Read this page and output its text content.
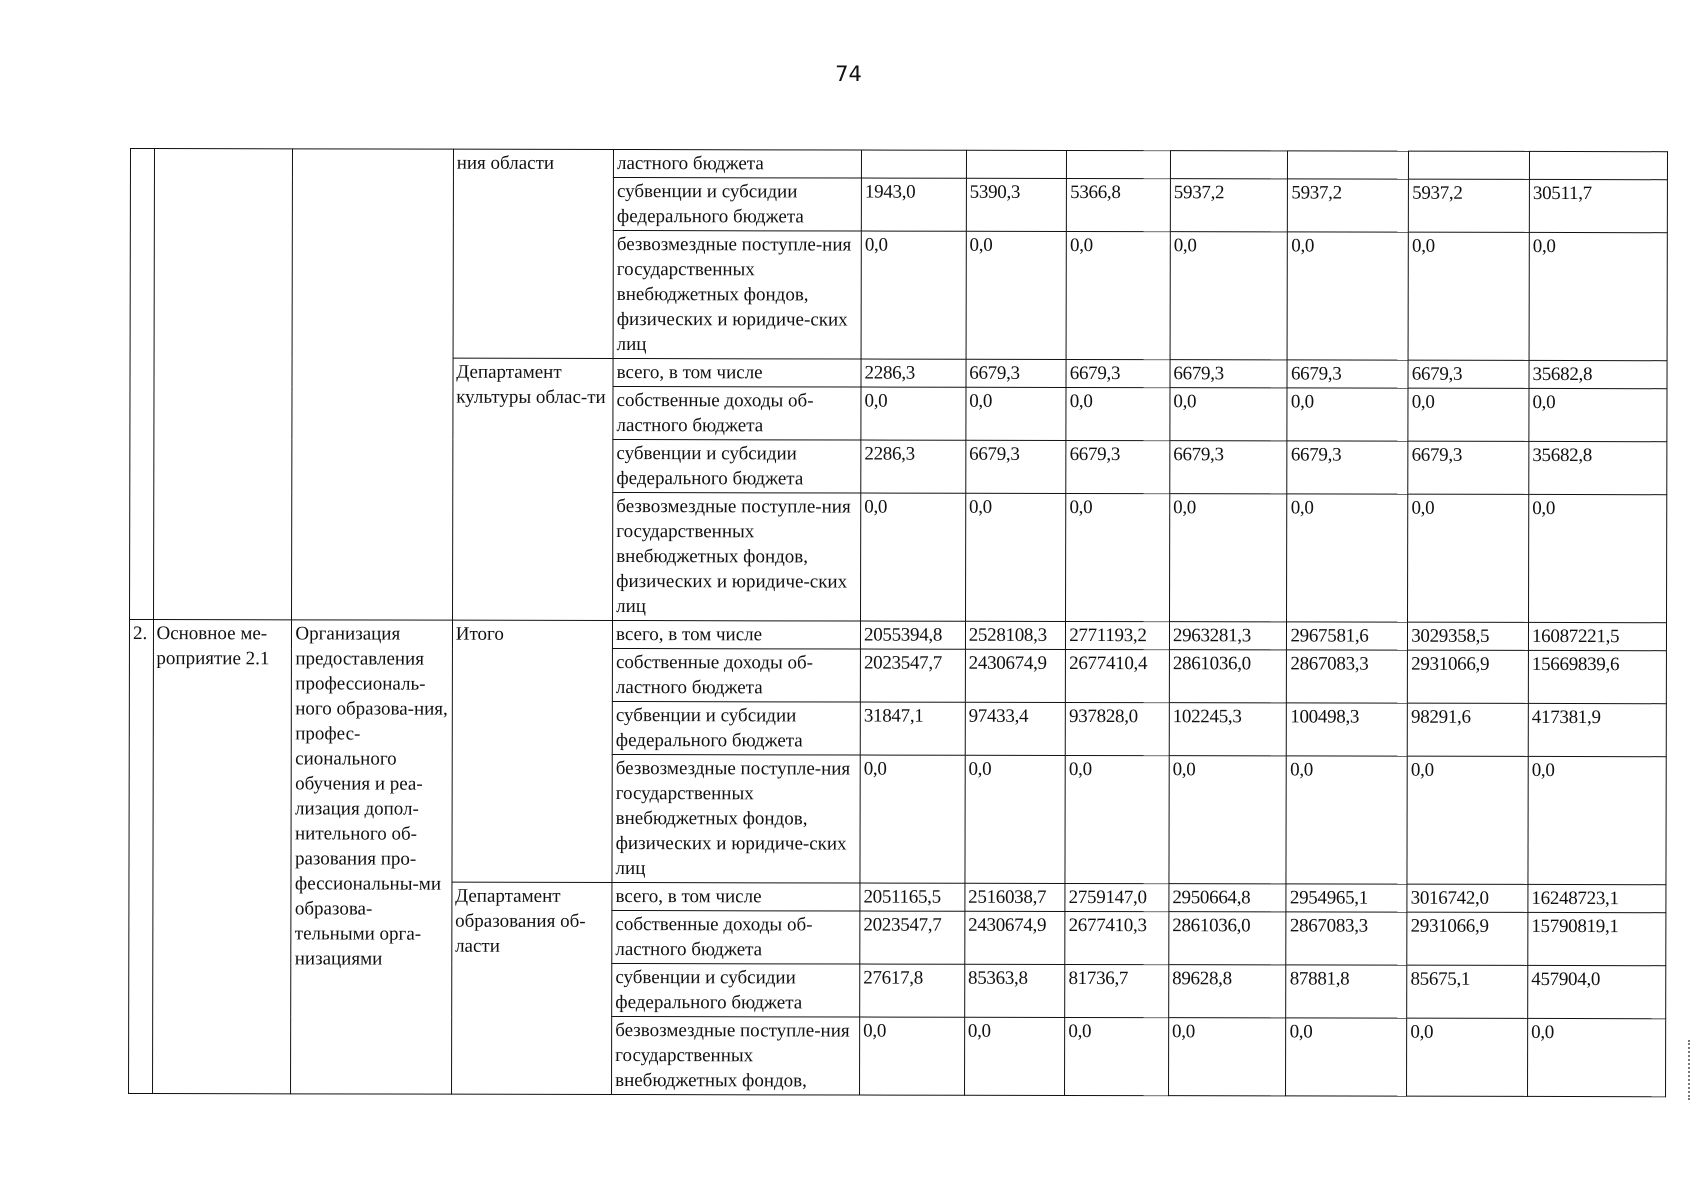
74
			ния области	ластного бюджета							
				субвенции и субсидии федерального бюджета	1943,0	5390,3	5366,8	5937,2	5937,2	5937,2	30511,7
				безвозмездные поступле-ния государственных внебюджетных фондов, физических и юридиче-ских лиц	0,0	0,0	0,0	0,0	0,0	0,0	0,0
			Департамент культуры облас-ти	всего, в том числе	2286,3	6679,3	6679,3	6679,3	6679,3	6679,3	35682,8
				собственные доходы об-ластного бюджета	0,0	0,0	0,0	0,0	0,0	0,0	0,0
				субвенции и субсидии федерального бюджета	2286,3	6679,3	6679,3	6679,3	6679,3	6679,3	35682,8
				безвозмездные поступле-ния государственных внебюджетных фондов, физических и юридиче-ских лиц	0,0	0,0	0,0	0,0	0,0	0,0	0,0
2.	Основное ме-роприятие 2.1	Организация предоставления профессиональ-ного образова-ния, профес-сионального обучения и реа-лизация допол-нительного об-разования про-фессиональны-ми образова-тельными орга-низациями	Итого	всего, в том числе	2055394,8	2528108,3	2771193,2	2963281,3	2967581,6	3029358,5	16087221,5
				собственные доходы об-ластного бюджета	2023547,7	2430674,9	2677410,4	2861036,0	2867083,3	2931066,9	15669839,6
				субвенции и субсидии федерального бюджета	31847,1	97433,4	937828,0	102245,3	100498,3	98291,6	417381,9
				безвозмездные поступле-ния государственных внебюджетных фондов, физических и юридиче-ских лиц	0,0	0,0	0,0	0,0	0,0	0,0	0,0
			Департамент образования об-ласти	всего, в том числе	2051165,5	2516038,7	2759147,0	2950664,8	2954965,1	3016742,0	16248723,1
				собственные доходы об-ластного бюджета	2023547,7	2430674,9	2677410,3	2861036,0	2867083,3	2931066,9	15790819,1
				субвенции и субсидии федерального бюджета	27617,8	85363,8	81736,7	89628,8	87881,8	85675,1	457904,0
				безвозмездные поступле-ния государственных внебюджетных фондов,	0,0	0,0	0,0	0,0	0,0	0,0	0,0
